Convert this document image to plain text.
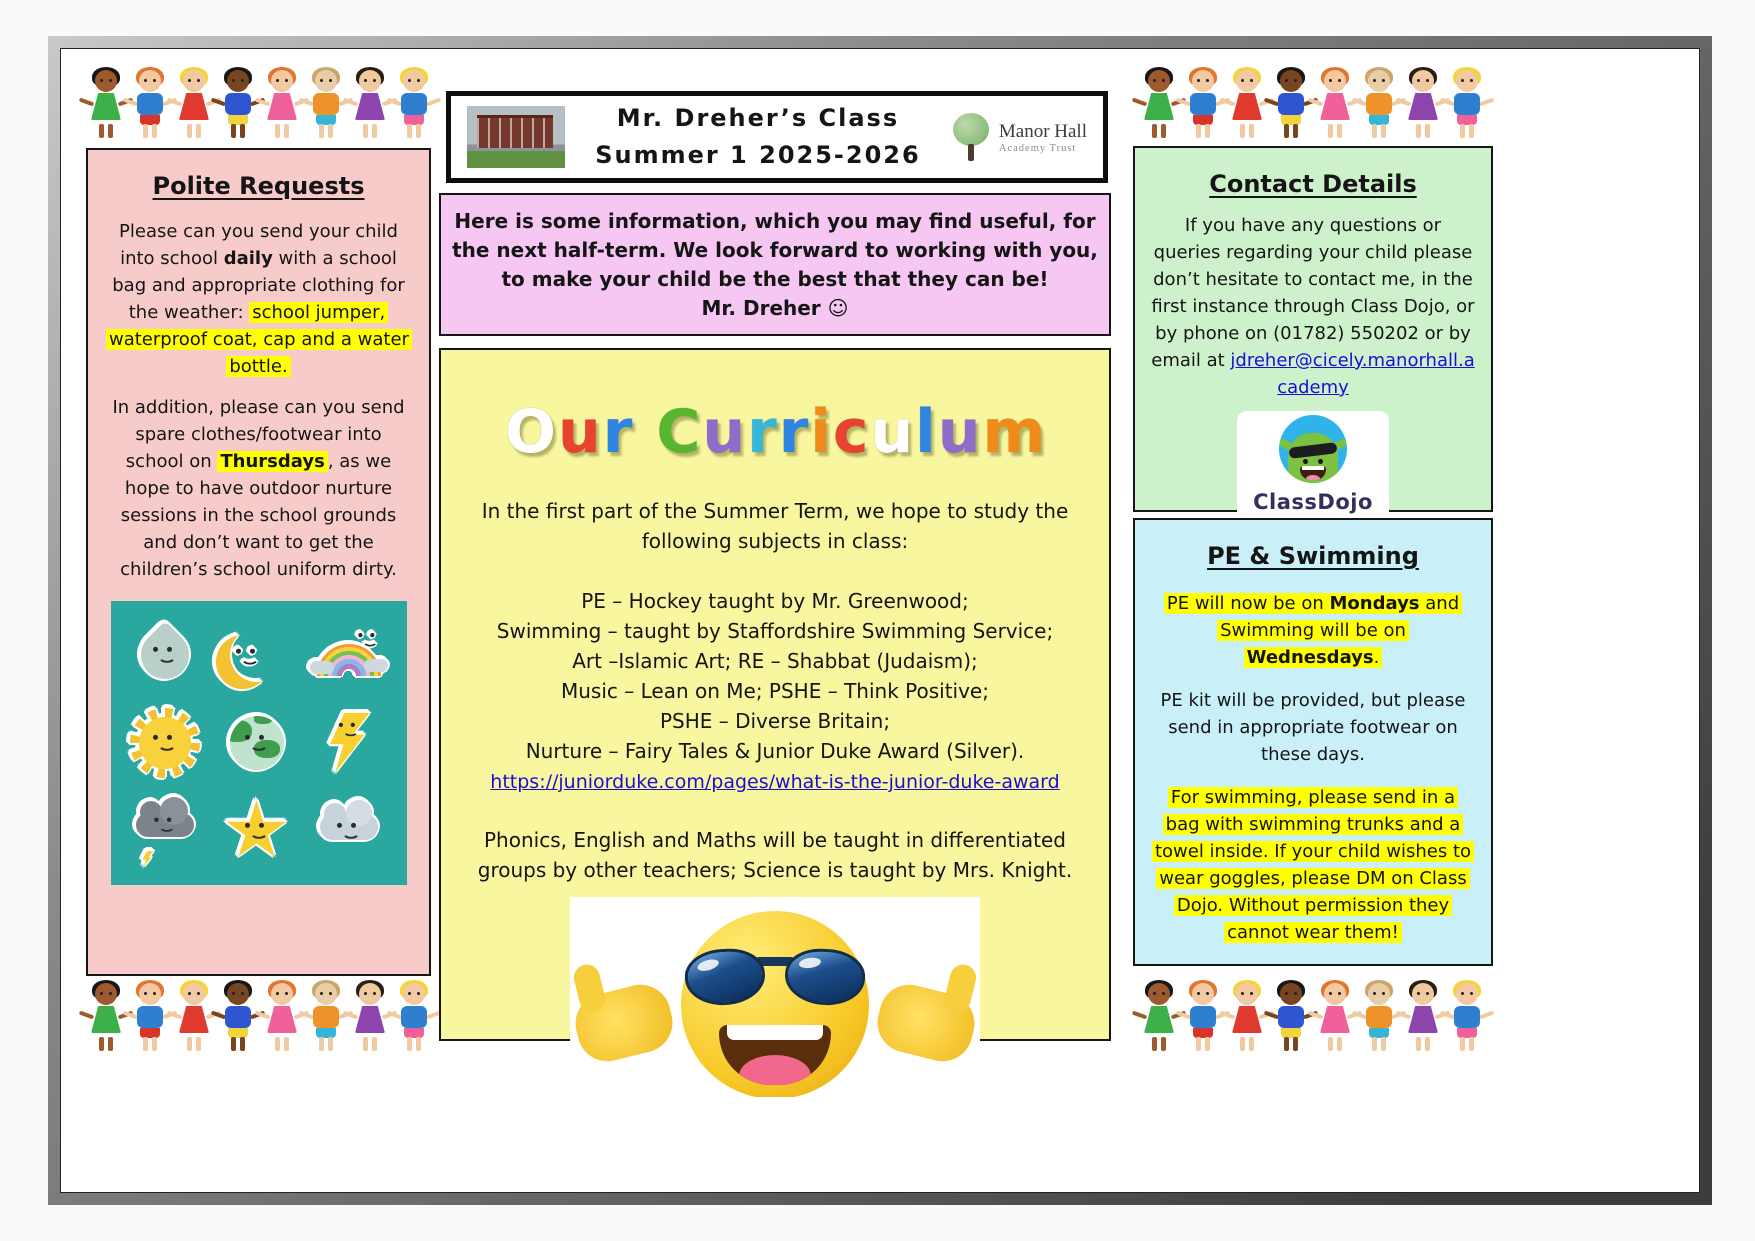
Mr. Dreher’s Class
Summer 1 2025-2026
Manor Hall
Academy Trust
Polite Requests

Please can you send your child into school daily with a school bag and appropriate clothing for the weather: school jumper, waterproof coat, cap and a water bottle.

In addition, please can you send spare clothes/footwear into school on Thursdays , as we hope to have outdoor nurture sessions in the school grounds and don’t want to get the children’s school uniform dirty.

Here is some information, which you may find useful, for the next half-term. We look forward to working with you, to make your child be the best that they can be!
Mr. Dreher ☺
O u r C u r r i c u l u m

In the first part of the Summer Term, we hope to study the following subjects in class:

PE – Hockey taught by Mr. Greenwood;
Swimming – taught by Staffordshire Swimming Service;
Art –Islamic Art; RE – Shabbat (Judaism);
Music – Lean on Me; PSHE – Think Positive;
PSHE – Diverse Britain;
Nurture – Fairy Tales & Junior Duke Award (Silver).
https://juniorduke.com/pages/what-is-the-junior-duke-award

Phonics, English and Maths will be taught in differentiated groups by other teachers; Science is taught by Mrs. Knight.

Contact Details

If you have any questions or queries regarding your child please don’t hesitate to contact me, in the first instance through Class Dojo, or by phone on (01782) 550202 or by email at jdreher@cicely.manorhall.academy

ClassDojo
PE & Swimming

PE will now be on Mondays and Swimming will be on Wednesdays.

PE kit will be provided, but please send in appropriate footwear on these days.

For swimming, please send in a bag with swimming trunks and a towel inside. If your child wishes to wear goggles, please DM on Class Dojo. Without permission they cannot wear them!
